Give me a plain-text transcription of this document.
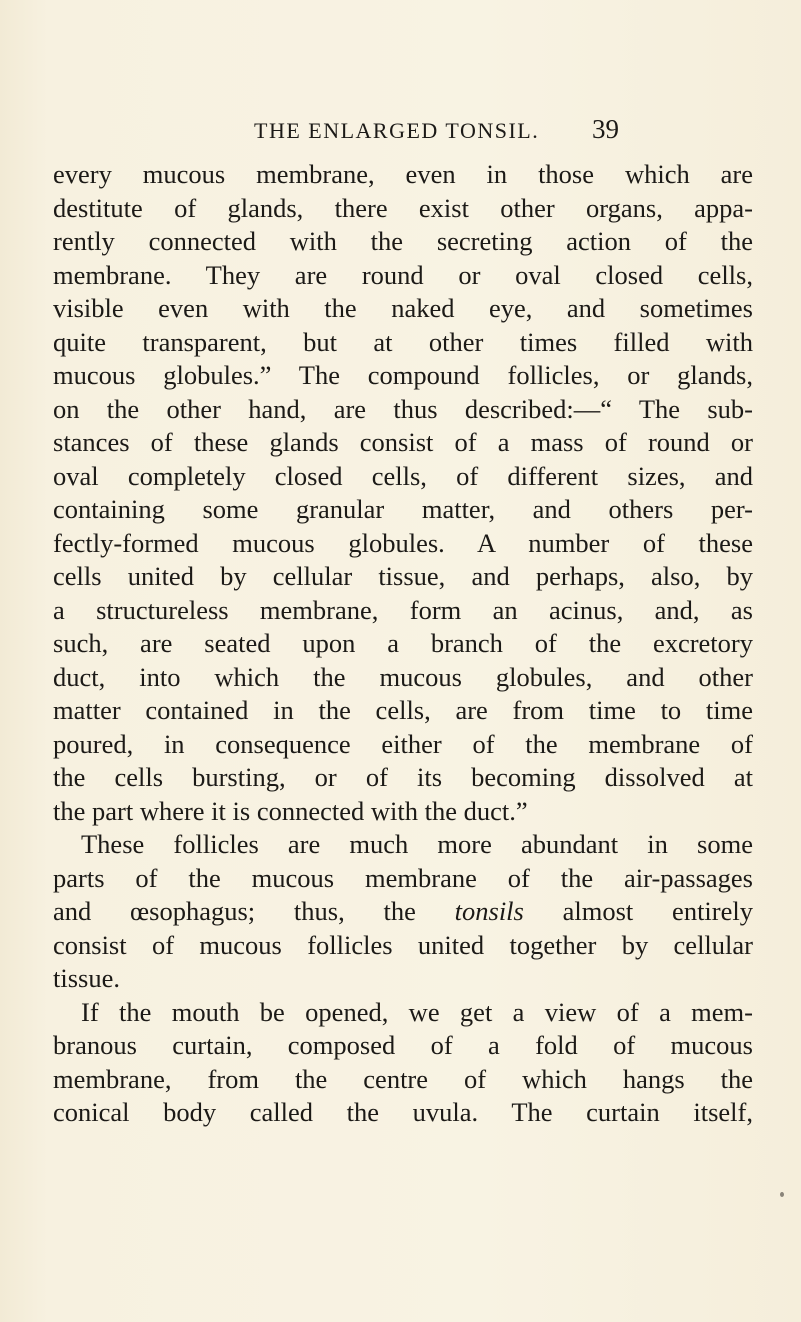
THE ENLARGED TONSIL. 39
every mucous membrane, even in those which are
destitute of glands, there exist other organs, appa-
rently connected with the secreting action of the
membrane. They are round or oval closed cells,
visible even with the naked eye, and sometimes
quite transparent, but at other times filled with
mucous globules.” The compound follicles, or glands,
on the other hand, are thus described:—“ The sub-
stances of these glands consist of a mass of round or
oval completely closed cells, of different sizes, and
containing some granular matter, and others per-
fectly-formed mucous globules. A number of these
cells united by cellular tissue, and perhaps, also, by
a structureless membrane, form an acinus, and, as
such, are seated upon a branch of the excretory
duct, into which the mucous globules, and other
matter contained in the cells, are from time to time
poured, in consequence either of the membrane of
the cells bursting, or of its becoming dissolved at
the part where it is connected with the duct.”
These follicles are much more abundant in some
parts of the mucous membrane of the air-passages
and œsophagus; thus, the tonsils almost entirely
consist of mucous follicles united together by cellular
tissue.
If the mouth be opened, we get a view of a mem-
branous curtain, composed of a fold of mucous
membrane, from the centre of which hangs the
conical body called the uvula. The curtain itself,
